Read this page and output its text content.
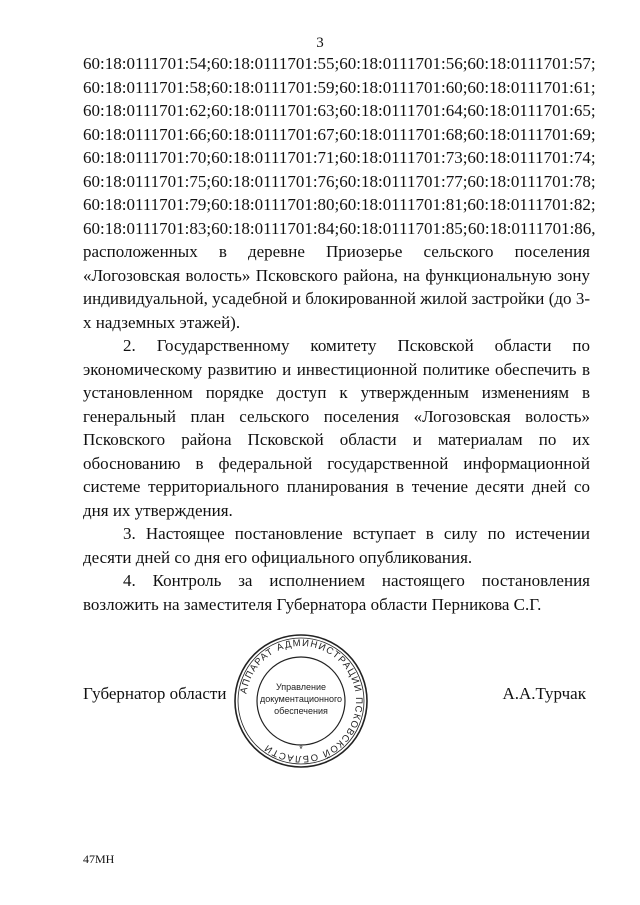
3
60:18:0111701:54; 60:18:0111701:55; 60:18:0111701:56; 60:18:0111701:57;
60:18:0111701:58; 60:18:0111701:59; 60:18:0111701:60; 60:18:0111701:61;
60:18:0111701:62; 60:18:0111701:63; 60:18:0111701:64; 60:18:0111701:65;
60:18:0111701:66; 60:18:0111701:67; 60:18:0111701:68; 60:18:0111701:69;
60:18:0111701:70; 60:18:0111701:71; 60:18:0111701:73; 60:18:0111701:74;
60:18:0111701:75; 60:18:0111701:76; 60:18:0111701:77; 60:18:0111701:78;
60:18:0111701:79; 60:18:0111701:80; 60:18:0111701:81; 60:18:0111701:82;
60:18:0111701:83; 60:18:0111701:84; 60:18:0111701:85; 60:18:0111701:86,

расположенных в деревне Приозерье сельского поселения «Логозовская волость» Псковского района, на функциональную зону индивидуальной, усадебной и блокированной жилой застройки (до 3-х надземных этажей).

2. Государственному комитету Псковской области по экономическому развитию и инвестиционной политике обеспечить в установленном порядке доступ к утвержденным изменениям в генеральный план сельского поселения «Логозовская волость» Псковского района Псковской области и материалам по их обоснованию в федеральной государственной информационной системе территориального планирования в течение десяти дней со дня их утверждения.

3. Настоящее постановление вступает в силу по истечении десяти дней со дня его официального опубликования.

4. Контроль за исполнением настоящего постановления возложить на заместителя Губернатора области Перникова С.Г.

Губернатор области АППАРАТ АДМИНИСТРАЦИИ ПСКОВСКОЙ ОБЛАСТИ
Управление
документационного
обеспечения
*
А.А.Турчак
47МН
